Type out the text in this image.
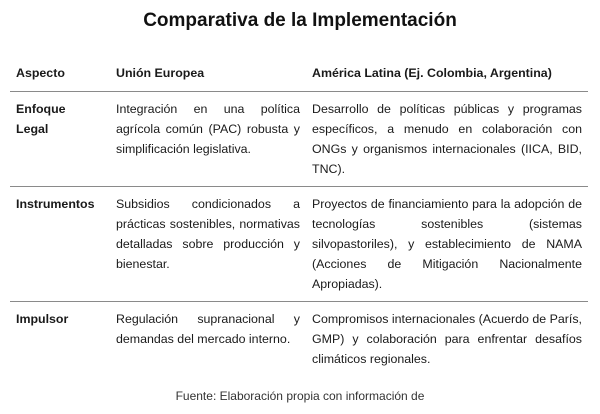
Comparativa de la Implementación
Aspecto	Unión Europea	América Latina (Ej. Colombia, Argentina)
Enfoque Legal	Integración en una política agrícola común (PAC) robusta y simplificación legislativa.	Desarrollo de políticas públicas y programas específicos, a menudo en colaboración con ONGs y organismos internacionales (IICA, BID, TNC).
Instrumentos	Subsidios condicionados a prácticas sostenibles, normativas detalladas sobre producción y bienestar.	Proyectos de financiamiento para la adopción de tecnologías sostenibles (sistemas silvopastoriles), y establecimiento de NAMA (Acciones de Mitigación Nacionalmente Apropiadas).
Impulsor	Regulación supranacional y demandas del mercado interno.	Compromisos internacionales (Acuerdo de París, GMP) y colaboración para enfrentar desafíos climáticos regionales.
Fuente: Elaboración propia con información de
